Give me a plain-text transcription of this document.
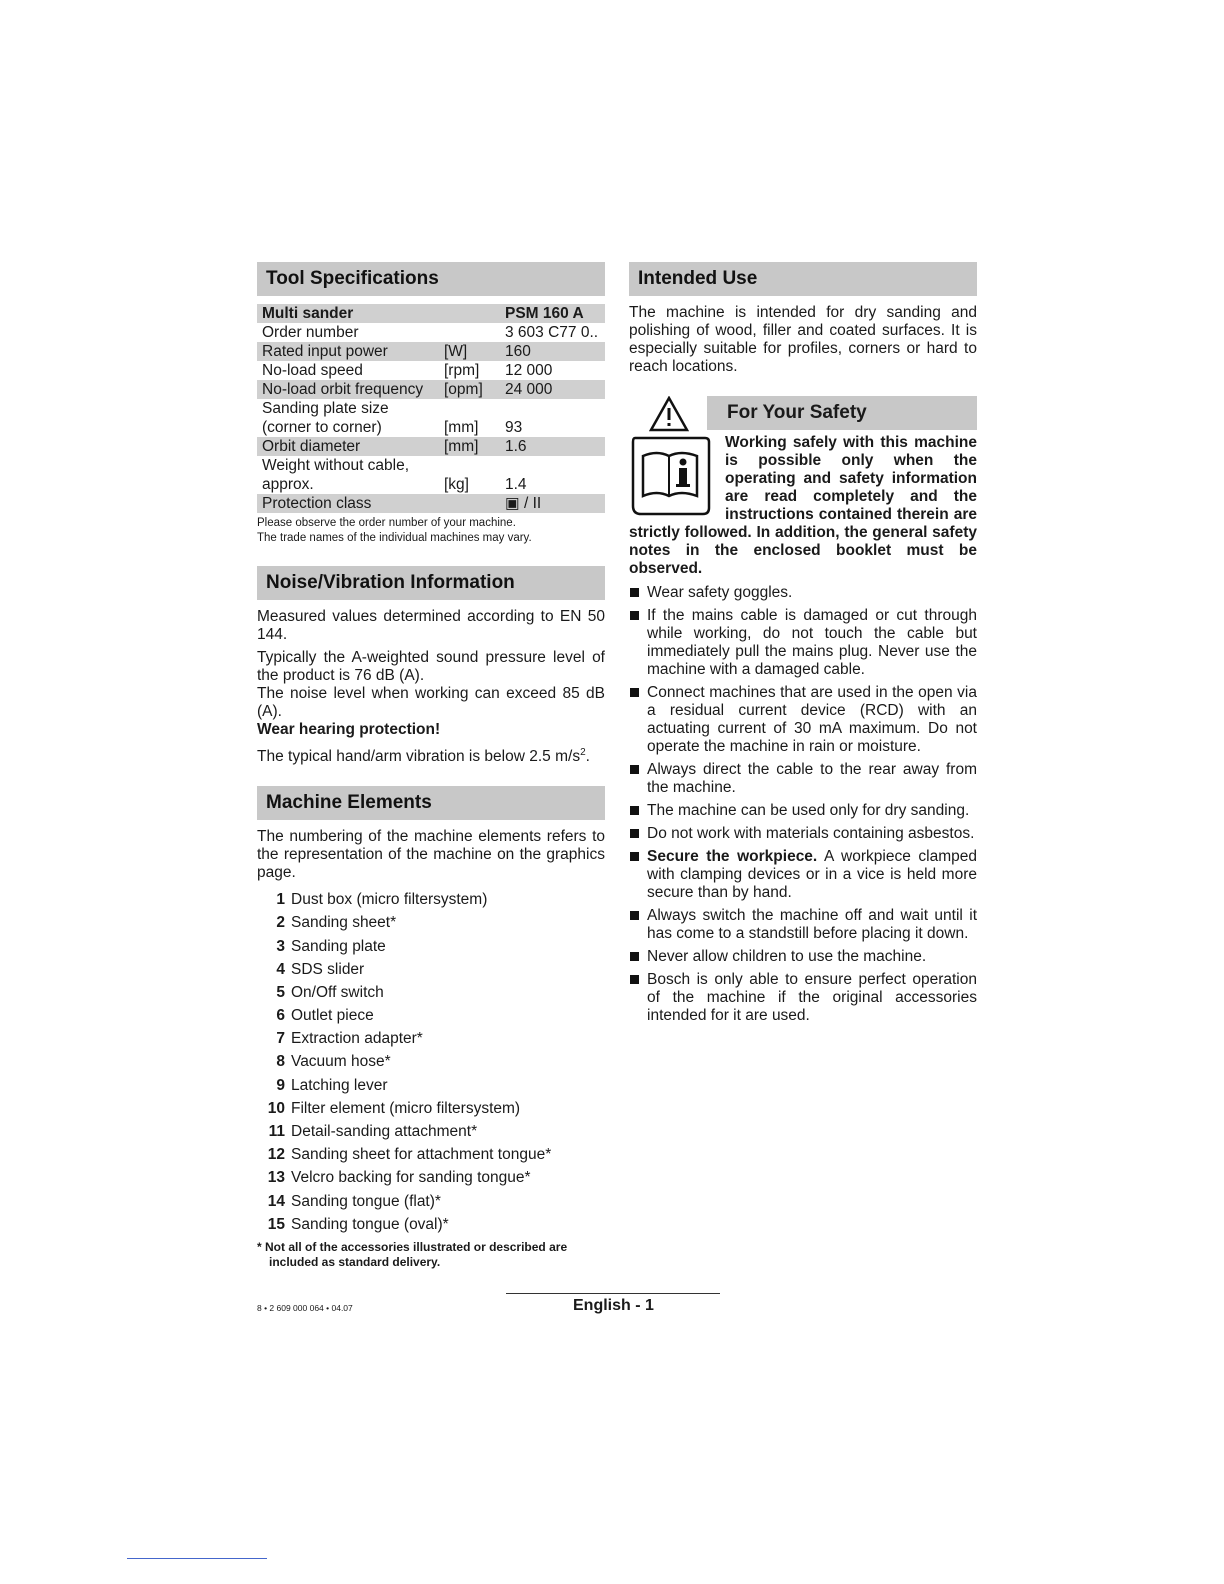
Tool Specifications
Multi sander		PSM 160 A
Order number		3 603 C77 0..
Rated input power	[W]	160
No-load speed	[rpm]	12 000
No-load orbit frequency	[opm]	24 000
Sanding plate size		
(corner to corner)	[mm]	93
Orbit diameter	[mm]	1.6
Weight without cable,		
approx.	[kg]	1.4
Protection class		▣ / II
Please observe the order number of your machine.
The trade names of the individual machines may vary.
Noise/Vibration Information

Measured values determined according to EN 50 144.

Typically the A-weighted sound pressure level of the product is 76 dB (A).

The noise level when working can exceed 85 dB (A).

Wear hearing protection!

The typical hand/arm vibration is below 2.5 $m/s^2$.

Machine Elements

The numbering of the machine elements refers to the representation of the machine on the graphics page.

1 Dust box (micro filtersystem)
2 Sanding sheet*
3 Sanding plate
4 SDS slider
5 On/Off switch
6 Outlet piece
7 Extraction adapter*
8 Vacuum hose*
9 Latching lever
10 Filter element (micro filtersystem)
11 Detail-sanding attachment*
12 Sanding sheet for attachment tongue*
13 Velcro backing for sanding tongue*
14 Sanding tongue (flat)*
15 Sanding tongue (oval)*
* Not all of the accessories illustrated or described are included as standard delivery.
Intended Use

The machine is intended for dry sanding and polishing of wood, filler and coated surfaces. It is especially suitable for profiles, corners or hard to reach locations.

For Your Safety

Working safely with this machine is possible only when the operating and safety information are read completely and the instructions contained therein are strictly followed. In addition, the general safety notes in the enclosed booklet must be observed.

Wear safety goggles.
If the mains cable is damaged or cut through while working, do not touch the cable but immediately pull the mains plug. Never use the machine with a damaged cable.
Connect machines that are used in the open via a residual current device (RCD) with an actuating current of 30 mA maximum. Do not operate the machine in rain or moisture.
Always direct the cable to the rear away from the machine.
The machine can be used only for dry sanding.
Do not work with materials containing asbestos.
Secure the workpiece. A workpiece clamped with clamping devices or in a vice is held more secure than by hand.
Always switch the machine off and wait until it has come to a standstill before placing it down.
Never allow children to use the machine.
Bosch is only able to ensure perfect operation of the machine if the original accessories intended for it are used.
8 • 2 609 000 064 • 04.07	English - 1
